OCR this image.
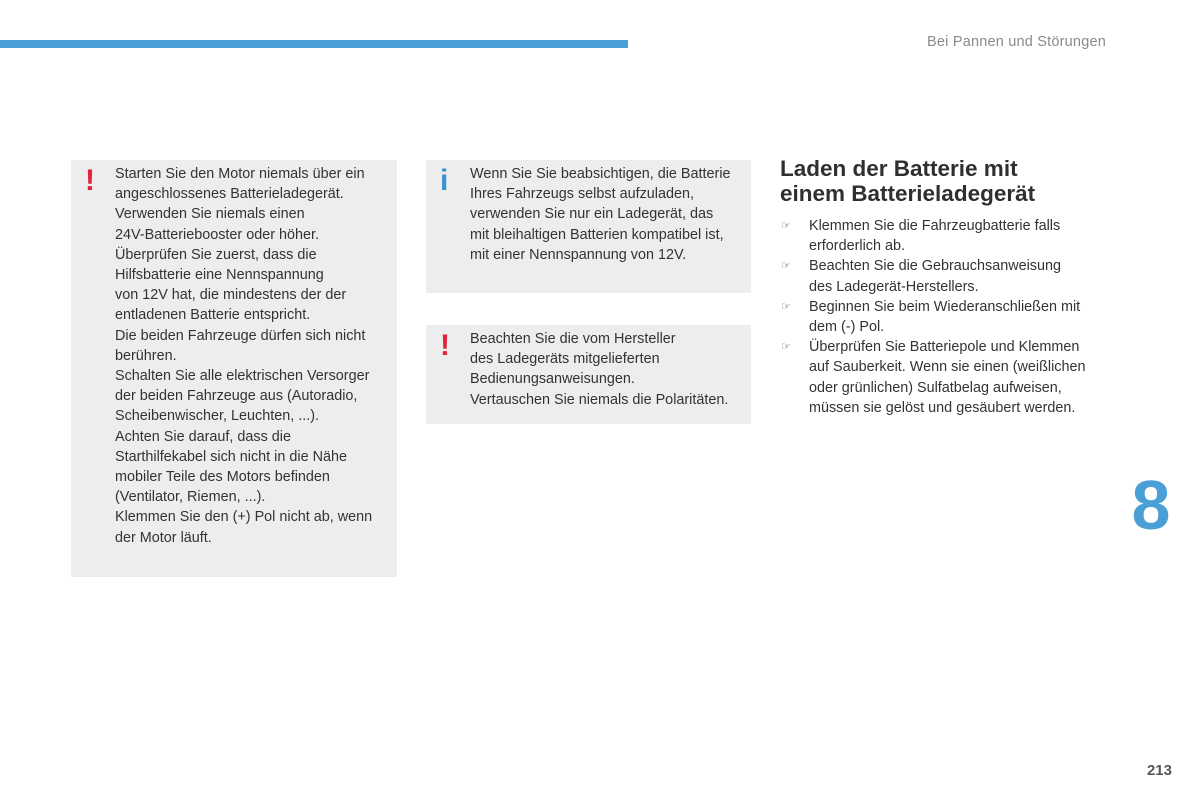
Bei Pannen und Störungen
! Starten Sie den Motor niemals über ein

angeschlossenes Batterieladegerät.

Verwenden Sie niemals einen

24V-Batteriebooster oder höher.

Überprüfen Sie zuerst, dass die

Hilfsbatterie eine Nennspannung

von 12V hat, die mindestens der der

entladenen Batterie entspricht.

Die beiden Fahrzeuge dürfen sich nicht

berühren.

Schalten Sie alle elektrischen Versorger

der beiden Fahrzeuge aus (Autoradio,

Scheibenwischer, Leuchten, ...).

Achten Sie darauf, dass die

Starthilfekabel sich nicht in die Nähe

mobiler Teile des Motors befinden

(Ventilator, Riemen, ...).

Klemmen Sie den (+) Pol nicht ab, wenn

der Motor läuft.

i Wenn Sie Sie beabsichtigen, die Batterie

Ihres Fahrzeugs selbst aufzuladen,

verwenden Sie nur ein Ladegerät, das

mit bleihaltigen Batterien kompatibel ist,

mit einer Nennspannung von 12V.

! Beachten Sie die vom Hersteller

des Ladegeräts mitgelieferten

Bedienungsanweisungen.

Vertauschen Sie niemals die Polaritäten.

Laden der Batterie mit
einem Batterieladegerät
☞ Klemmen Sie die Fahrzeugbatterie falls
erforderlich ab.
☞ Beachten Sie die Gebrauchsanweisung
des Ladegerät-Herstellers.
☞ Beginnen Sie beim Wiederanschließen mit
dem (-) Pol.
☞ Überprüfen Sie Batteriepole und Klemmen
auf Sauberkeit. Wenn sie einen (weißlichen
oder grünlichen) Sulfatbelag aufweisen,
müssen sie gelöst und gesäubert werden.
8
213
